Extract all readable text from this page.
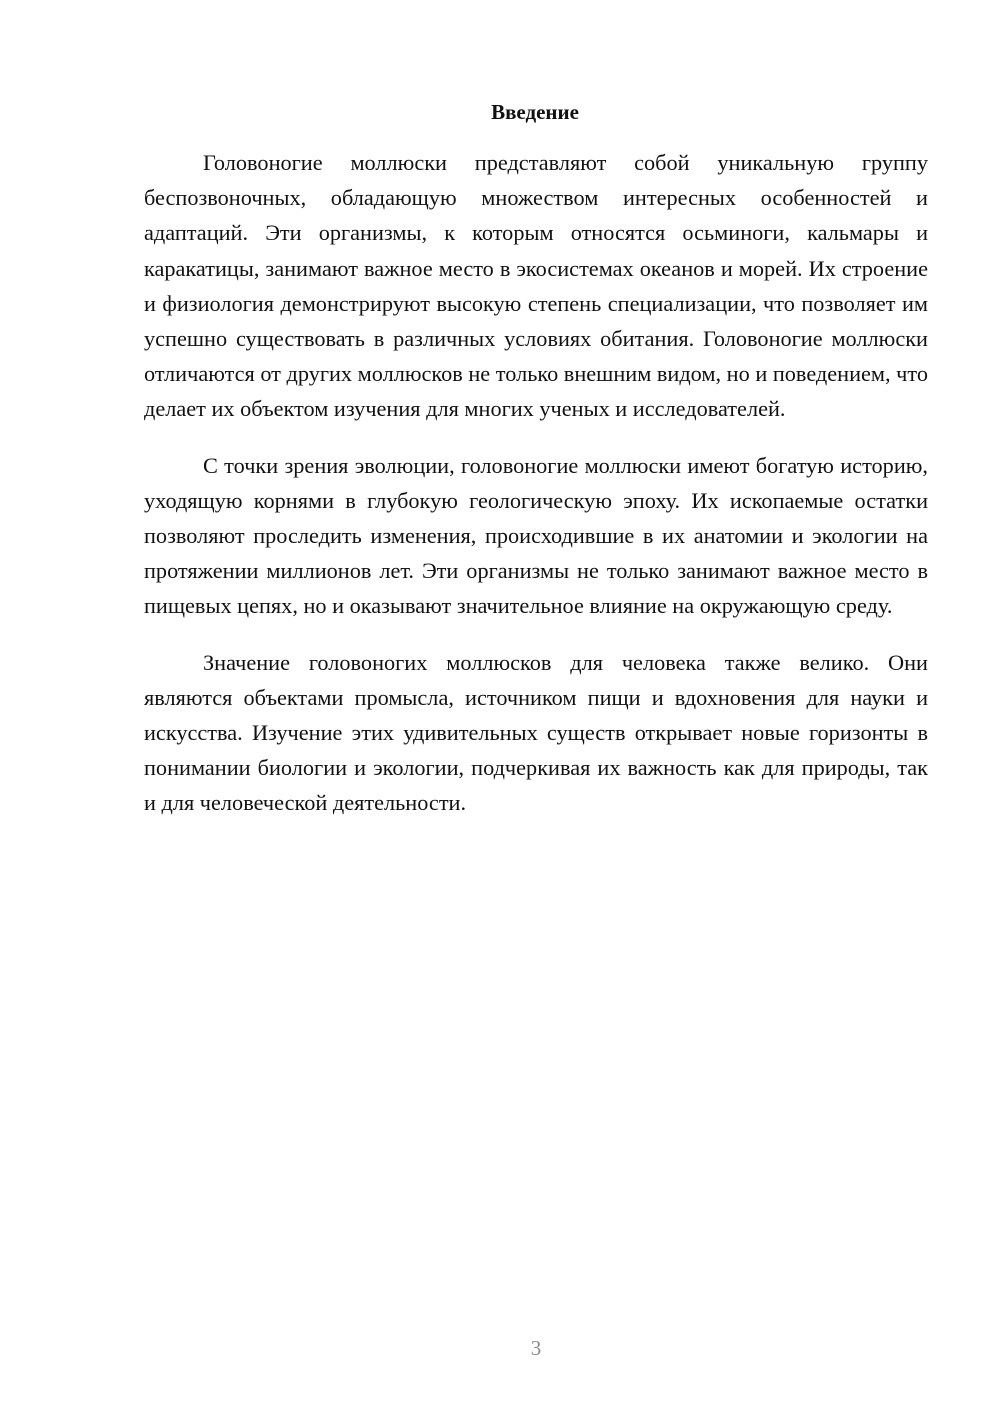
Введение

Головоногие моллюски представляют собой уникальную группу беспозвоночных, обладающую множеством интересных особенностей и адаптаций. Эти организмы, к которым относятся осьминоги, кальмары и каракатицы, занимают важное место в экосистемах океанов и морей. Их строение и физиология демонстрируют высокую степень специализации, что позволяет им успешно существовать в различных условиях обитания. Головоногие моллюски отличаются от других моллюсков не только внешним видом, но и поведением, что делает их объектом изучения для многих ученых и исследователей.

С точки зрения эволюции, головоногие моллюски имеют богатую историю, уходящую корнями в глубокую геологическую эпоху. Их ископаемые остатки позволяют проследить изменения, происходившие в их анатомии и экологии на протяжении миллионов лет. Эти организмы не только занимают важное место в пищевых цепях, но и оказывают значительное влияние на окружающую среду.

Значение головоногих моллюсков для человека также велико. Они являются объектами промысла, источником пищи и вдохновения для науки и искусства. Изучение этих удивительных существ открывает новые горизонты в понимании биологии и экологии, подчеркивая их важность как для природы, так и для человеческой деятельности.

3
